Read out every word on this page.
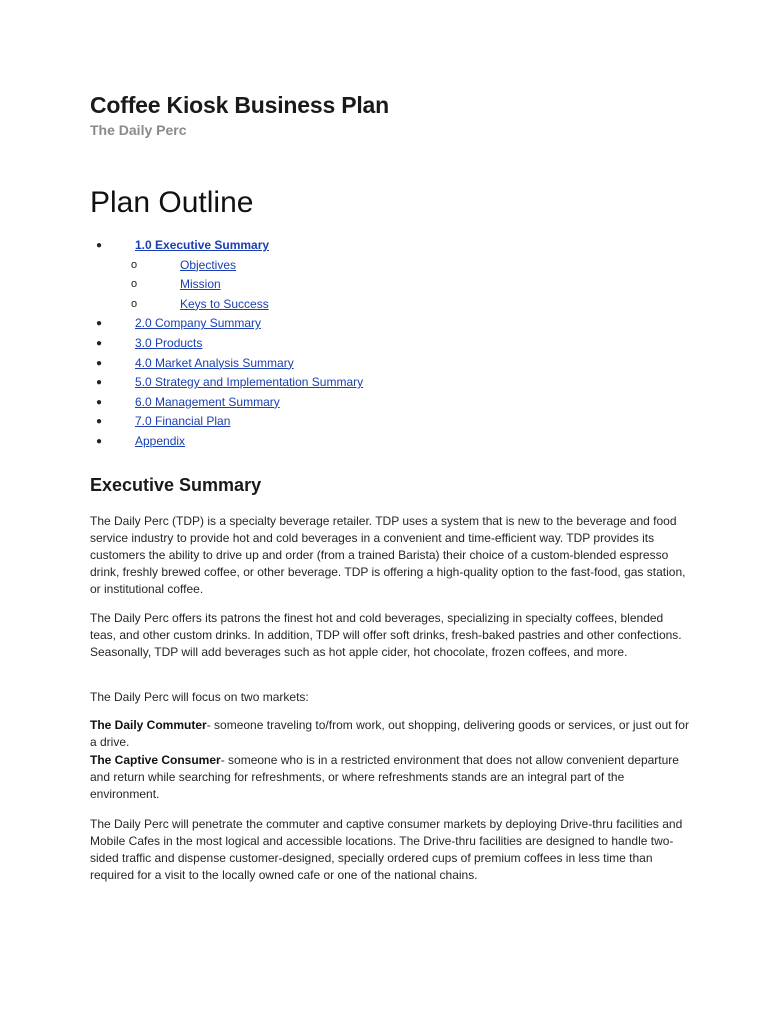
Coffee Kiosk Business Plan
The Daily Perc
Plan Outline
●	1.0 Executive Summary
o	Objectives
o	Mission
o	Keys to Success
●	2.0 Company Summary
●	3.0 Products
●	4.0 Market Analysis Summary
●	5.0 Strategy and Implementation Summary
●	6.0 Management Summary
●	7.0 Financial Plan
●	Appendix
Executive Summary

The Daily Perc (TDP) is a specialty beverage retailer. TDP uses a system that is new to the beverage and food service industry to provide hot and cold beverages in a convenient and time-efficient way. TDP provides its customers the ability to drive up and order (from a trained Barista) their choice of a custom-blended espresso drink, freshly brewed coffee, or other beverage. TDP is offering a high-quality option to the fast-food, gas station, or institutional coffee.

The Daily Perc offers its patrons the finest hot and cold beverages, specializing in specialty coffees, blended teas, and other custom drinks. In addition, TDP will offer soft drinks, fresh-baked pastries and other confections. Seasonally, TDP will add beverages such as hot apple cider, hot chocolate, frozen coffees, and more.

The Daily Perc will focus on two markets:

The Daily Commuter- someone traveling to/from work, out shopping, delivering goods or services, or just out for a drive.

The Captive Consumer- someone who is in a restricted environment that does not allow convenient departure and return while searching for refreshments, or where refreshments stands are an integral part of the environment.

The Daily Perc will penetrate the commuter and captive consumer markets by deploying Drive-thru facilities and Mobile Cafes in the most logical and accessible locations. The Drive-thru facilities are designed to handle two-sided traffic and dispense customer-designed, specially ordered cups of premium coffees in less time than required for a visit to the locally owned cafe or one of the national chains.
